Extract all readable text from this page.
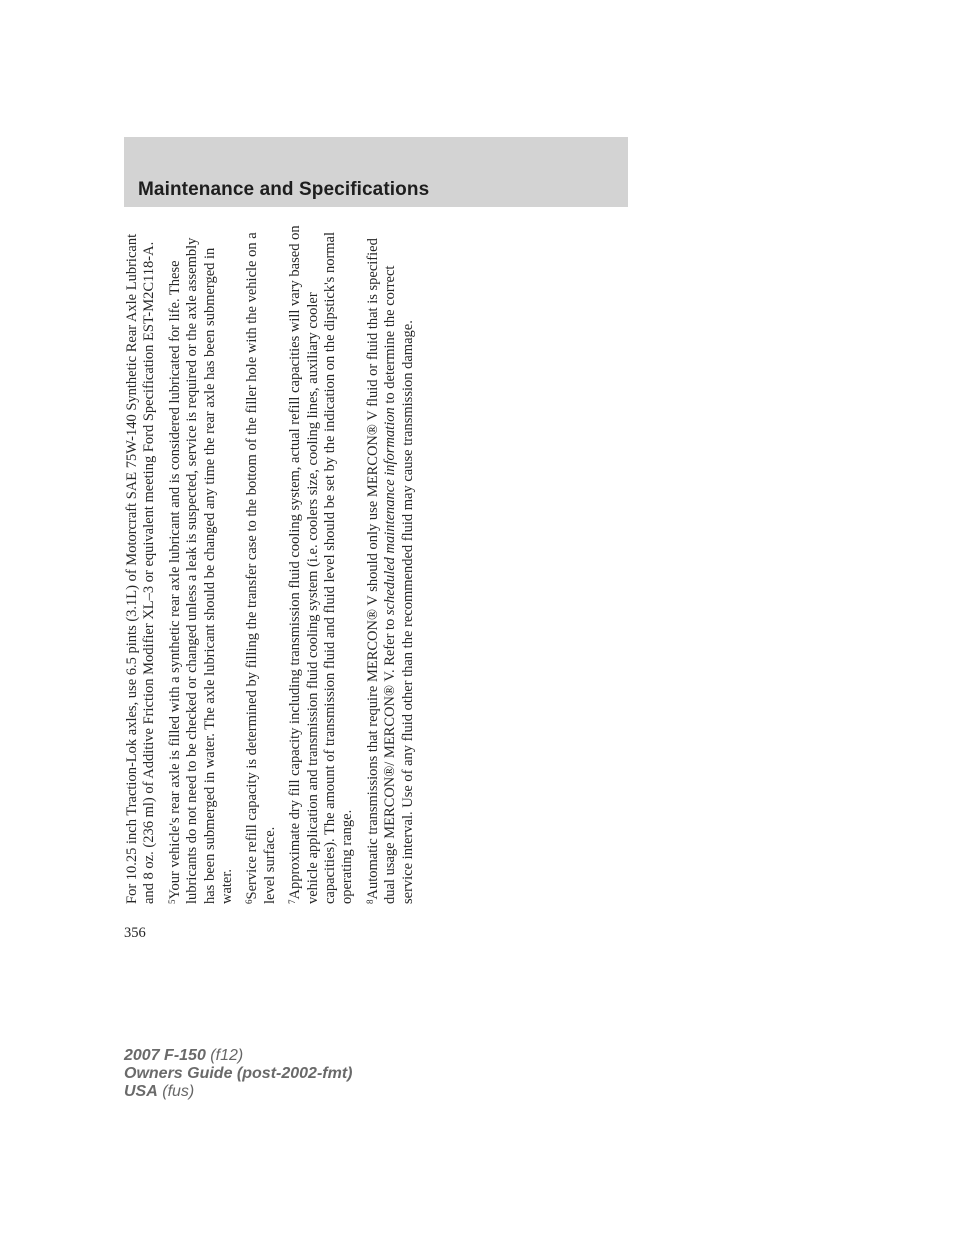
Maintenance and Specifications

For 10.25 inch Traction-Lok axles, use 6.5 pints (3.1L) of Motorcraft SAE 75W-140 Synthetic Rear Axle Lubricant and 8 oz. (236 ml) of Additive Friction Modifier XL–3 or equivalent meeting Ford Specification EST-M2C118-A. $^5$Your vehicle's rear axle is filled with a synthetic rear axle lubricant and is considered lubricated for life. These lubricants do not need to be checked or changed unless a leak is suspected, service is required or the axle assembly has been submerged in water. The axle lubricant should be changed any time the rear axle has been submerged in water. $^6$Service refill capacity is determined by filling the transfer case to the bottom of the filler hole with the vehicle on a level surface. $^7$Approximate dry fill capacity including transmission fluid cooling system, actual refill capacities will vary based on vehicle application and transmission fluid cooling system (i.e. coolers size, cooling lines, auxiliary cooler capacities). The amount of transmission fluid and fluid level should be set by the indication on the dipstick's normal operating range. $^8$Automatic transmissions that require MERCON® V should only use MERCON® V fluid or fluid that is specified dual usage MERCON®/ MERCON® V. Refer to scheduled maintenance information to determine the correct service interval. Use of any fluid other than the recommended fluid may cause transmission damage.

356
2007 F-150 (f12)
Owners Guide (post-2002-fmt)
USA (fus)
